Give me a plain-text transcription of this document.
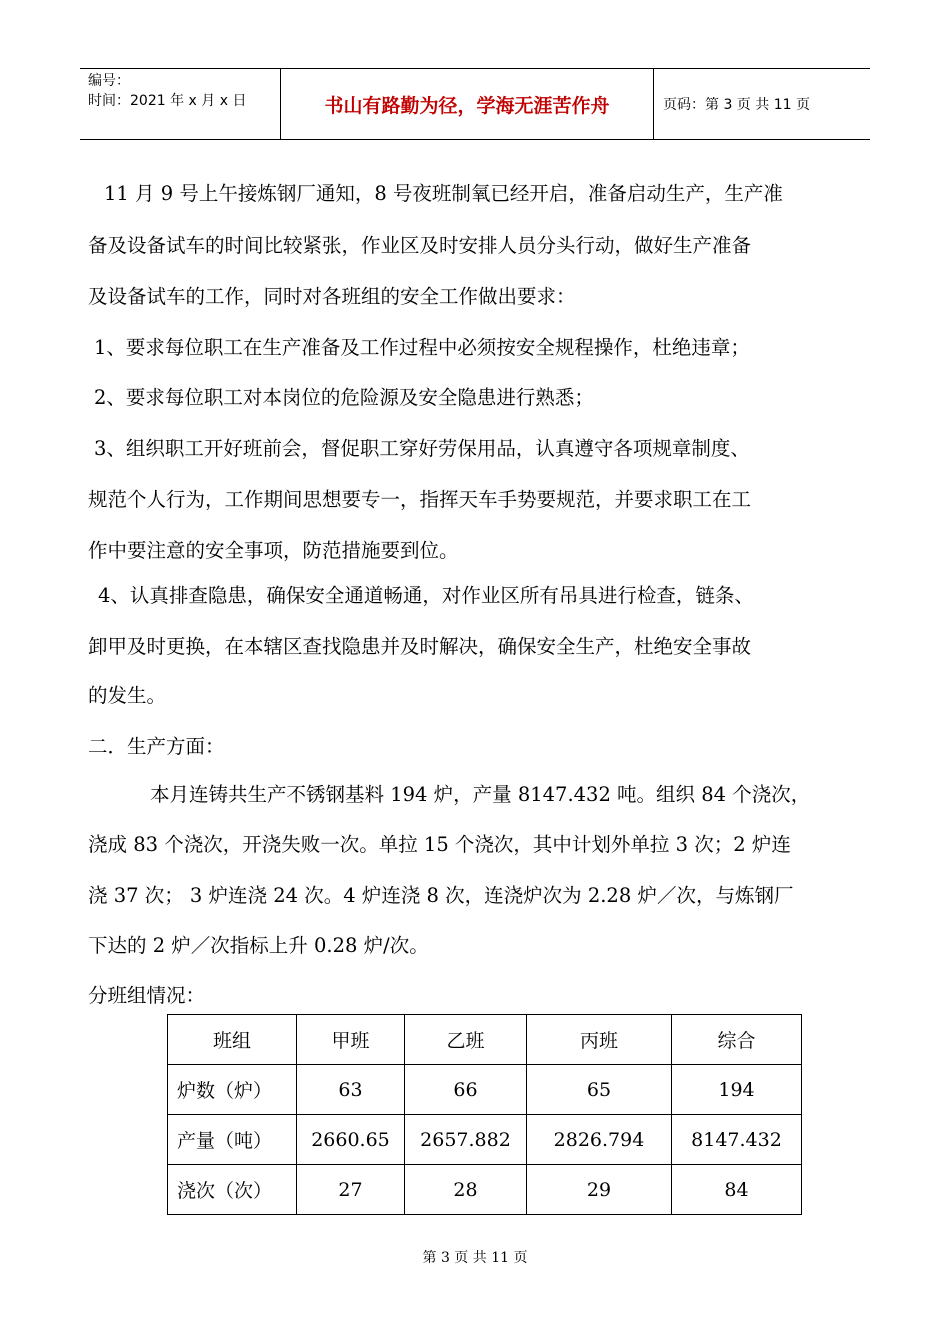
编号：
时间：2021 年 x 月 x 日	书山有路勤为径，学海无涯苦作舟	页码：第 3 页 共 11 页
11 月 9 号上午接炼钢厂通知，8 号夜班制氧已经开启，准备启动生产，生产准
备及设备试车的时间比较紧张，作业区及时安排人员分头行动，做好生产准备
及设备试车的工作，同时对各班组的安全工作做出要求：
1、要求每位职工在生产准备及工作过程中必须按安全规程操作，杜绝违章；
2、要求每位职工对本岗位的危险源及安全隐患进行熟悉；
3、组织职工开好班前会，督促职工穿好劳保用品，认真遵守各项规章制度、
规范个人行为，工作期间思想要专一，指挥天车手势要规范，并要求职工在工
作中要注意的安全事项，防范措施要到位。
4、认真排查隐患，确保安全通道畅通，对作业区所有吊具进行检查，链条、
卸甲及时更换，在本辖区查找隐患并及时解决，确保安全生产，杜绝安全事故
的发生。
二．生产方面：
本月连铸共生产不锈钢基料 194 炉，产量 8147.432 吨。组织 84 个浇次，
浇成 83 个浇次，开浇失败一次。单拉 15 个浇次，其中计划外单拉 3 次；2 炉连
浇 37 次； 3 炉连浇 24 次。4 炉连浇 8 次，连浇炉次为 2.28 炉／次，与炼钢厂
下达的 2 炉／次指标上升 0.28 炉/次。
分班组情况：
班组	甲班	乙班	丙班	综合
炉数（炉）	63	66	65	194
产量（吨）	2660.65	2657.882	2826.794	8147.432
浇次（次）	27	28	29	84
第 3 页 共 11 页
